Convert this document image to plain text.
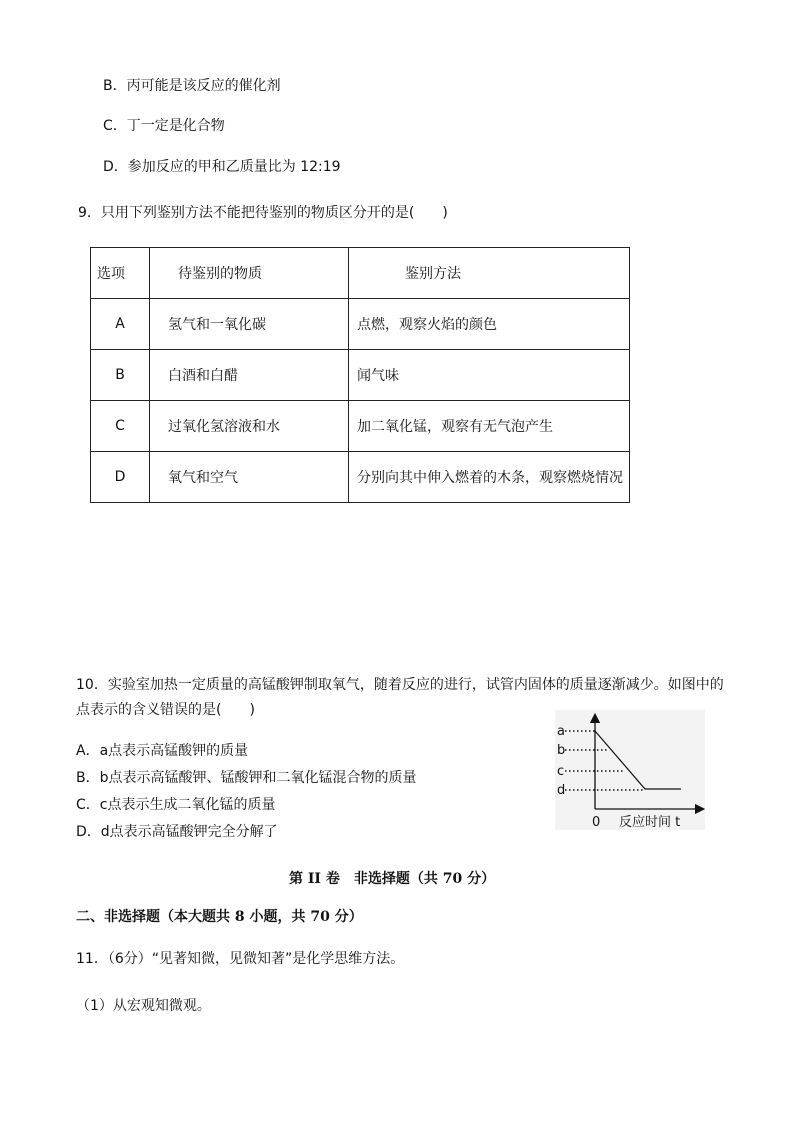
B．丙可能是该反应的催化剂
C．丁一定是化合物
D．参加反应的甲和乙质量比为 12:19
9．只用下列鉴别方法不能把待鉴别的物质区分开的是(　　)
选项	待鉴别的物质	鉴别方法
A	氢气和一氧化碳	点燃，观察火焰的颜色
B	白酒和白醋	闻气味
C	过氧化氢溶液和水	加二氧化锰，观察有无气泡产生
D	氧气和空气	分别向其中伸入燃着的木条，观察燃烧情况
10．实验室加热一定质量的高锰酸钾制取氧气，随着反应的进行，试管内固体的质量逐渐减少。如图中的
点表示的含义错误的是(　　)
A．a点表示高锰酸钾的质量
B．b点表示高锰酸钾、锰酸钾和二氧化锰混合物的质量
C．c点表示生成二氧化锰的质量
D．d点表示高锰酸钾完全分解了
a
b
c
d
0 反应时间 t
第 II 卷　非选择题（共 70 分）
二、非选择题（本大题共 8 小题，共 70 分）
11．（6分）“见著知微，见微知著”是化学思维方法。
（1）从宏观知微观。
